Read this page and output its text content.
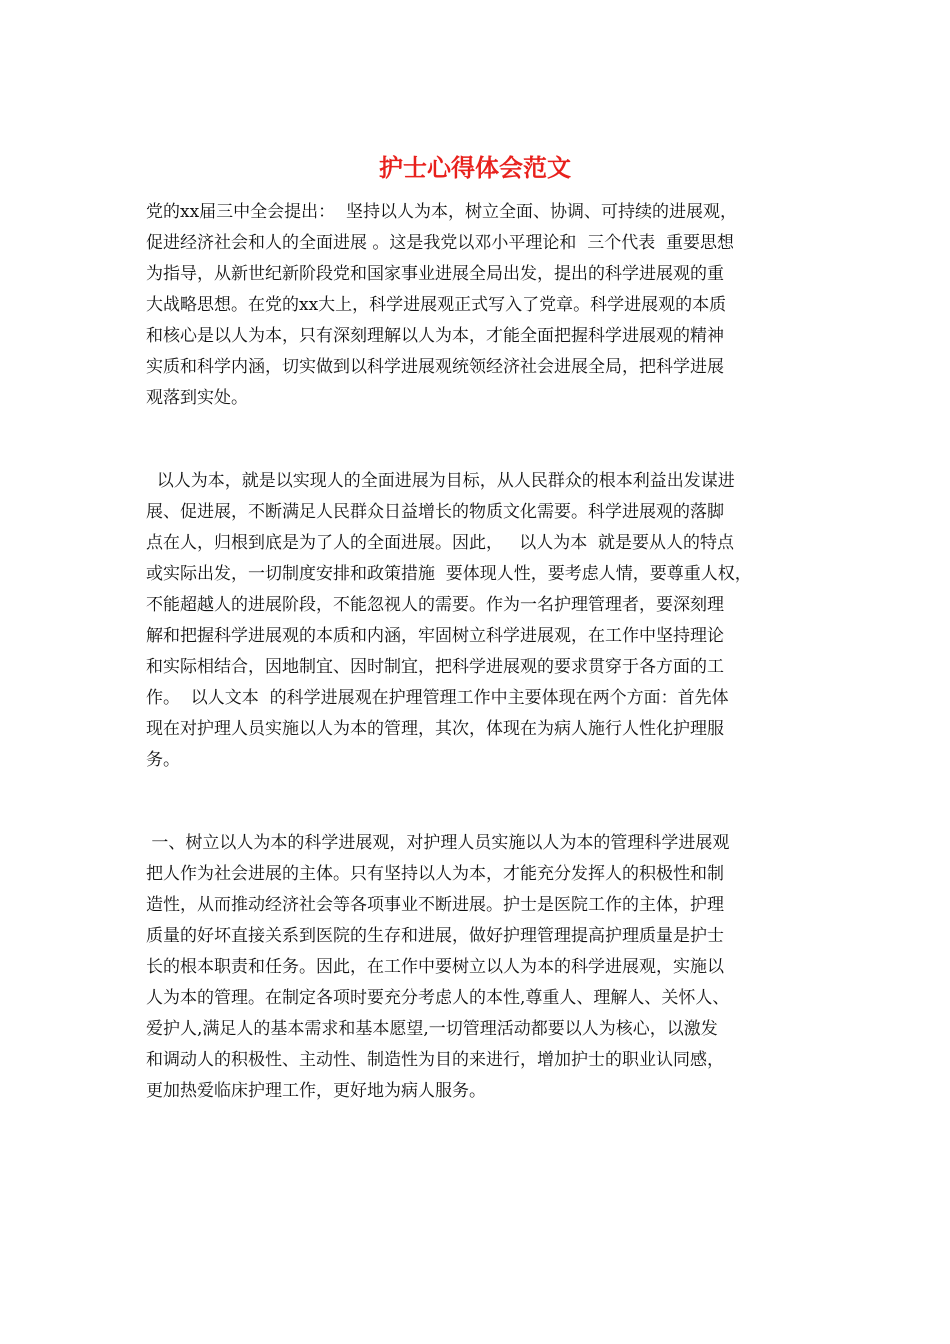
护士心得体会范文
党的xx届三中全会提出：  坚持以人为本，树立全面、协调、可持续的进展观，
促进经济社会和人的全面进展 。这是我党以邓小平理论和  三个代表  重要思想
为指导，从新世纪新阶段党和国家事业进展全局出发，提出的科学进展观的重
大战略思想。在党的xx大上，科学进展观正式写入了党章。科学进展观的本质
和核心是以人为本，只有深刻理解以人为本，才能全面把握科学进展观的精神
实质和科学内涵，切实做到以科学进展观统领经济社会进展全局，把科学进展
观落到实处。
以人为本，就是以实现人的全面进展为目标，从人民群众的根本利益出发谋进
展、促进展，不断满足人民群众日益增长的物质文化需要。科学进展观的落脚
点在人，归根到底是为了人的全面进展。因此，   以人为本  就是要从人的特点
或实际出发，一切制度安排和政策措施  要体现人性，要考虑人情，要尊重人权，
不能超越人的进展阶段，不能忽视人的需要。作为一名护理管理者，要深刻理
解和把握科学进展观的本质和内涵，牢固树立科学进展观，在工作中坚持理论
和实际相结合，因地制宜、因时制宜，把科学进展观的要求贯穿于各方面的工
作。  以人文本  的科学进展观在护理管理工作中主要体现在两个方面：首先体
现在对护理人员实施以人为本的管理，其次，体现在为病人施行人性化护理服
务。
一、树立以人为本的科学进展观，对护理人员实施以人为本的管理科学进展观
把人作为社会进展的主体。只有坚持以人为本，才能充分发挥人的积极性和制
造性，从而推动经济社会等各项事业不断进展。护士是医院工作的主体，护理
质量的好坏直接关系到医院的生存和进展，做好护理管理提高护理质量是护士
长的根本职责和任务。因此，在工作中要树立以人为本的科学进展观，实施以
人为本的管理。在制定各项时要充分考虑人的本性,尊重人、理解人、关怀人、
爱护人,满足人的基本需求和基本愿望,一切管理活动都要以人为核心，以激发
和调动人的积极性、主动性、制造性为目的来进行，增加护士的职业认同感，
更加热爱临床护理工作，更好地为病人服务。
